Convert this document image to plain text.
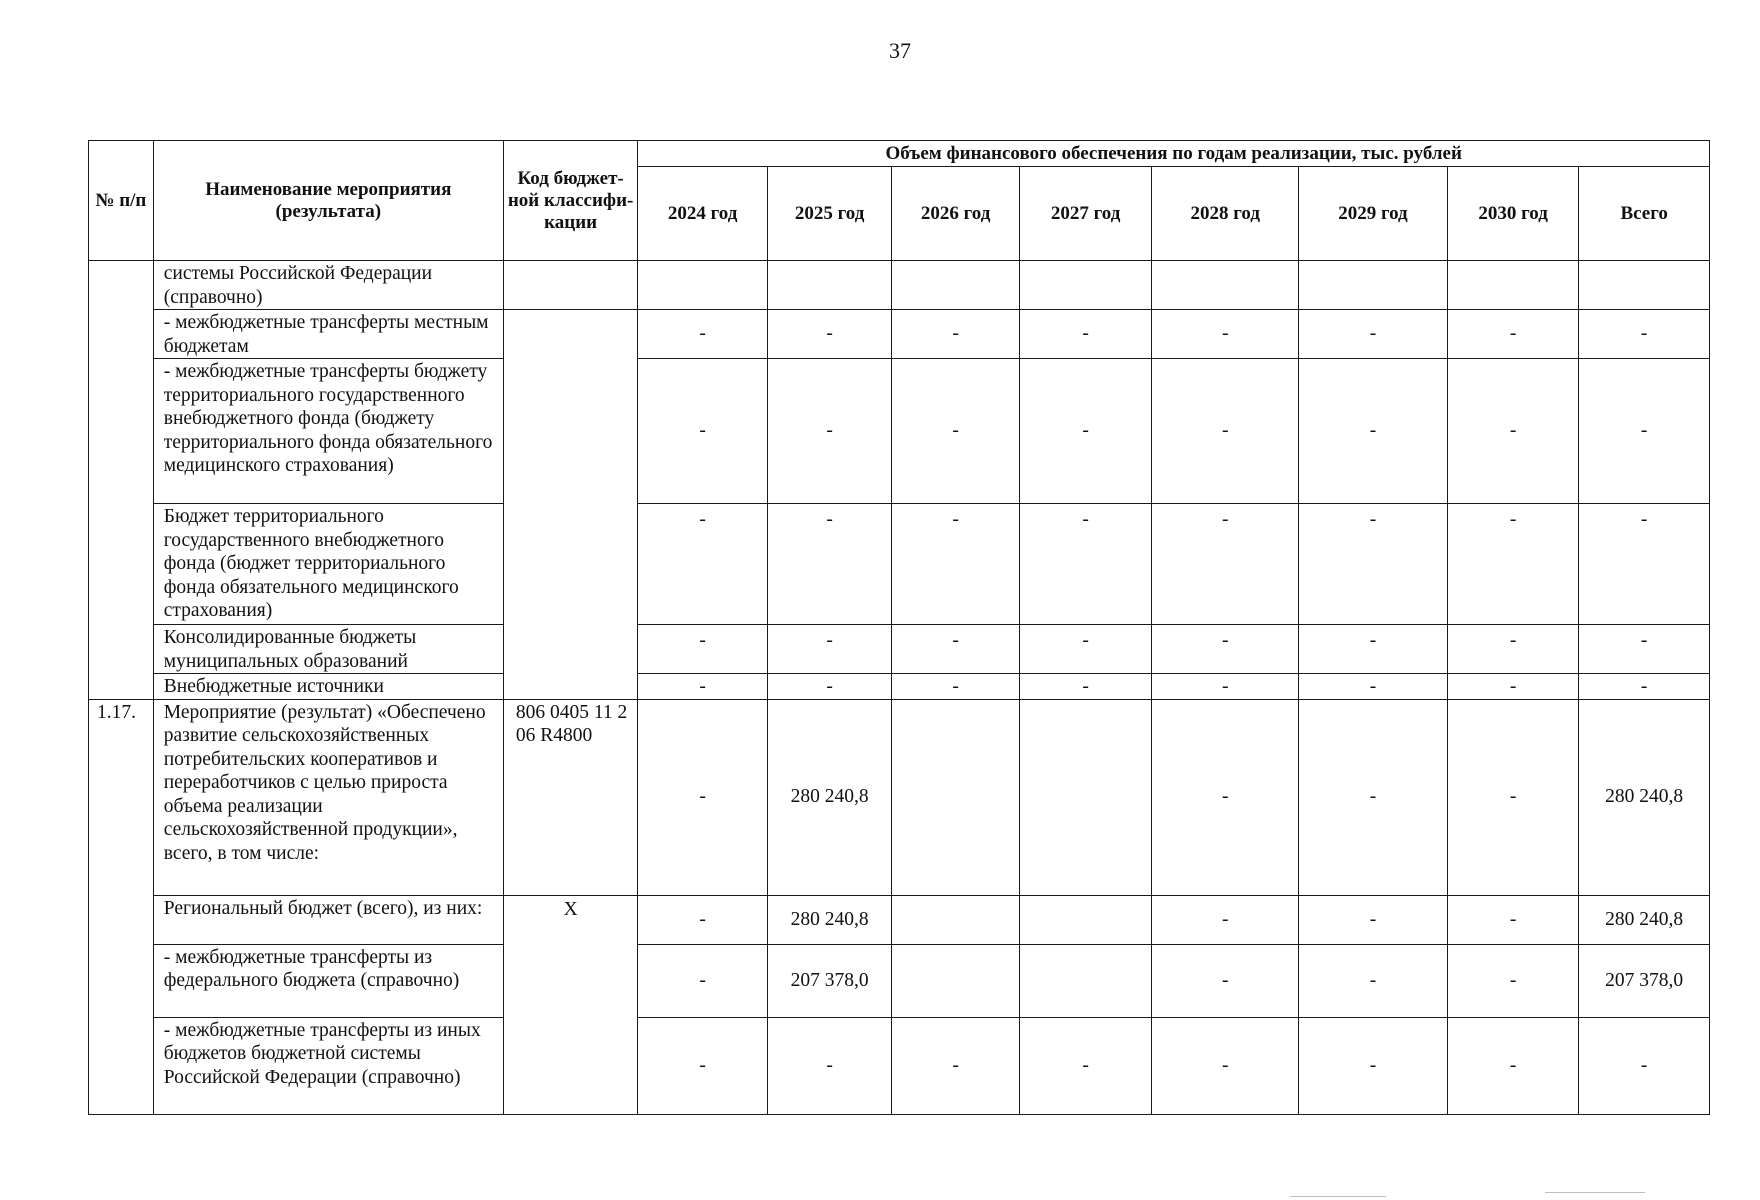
37
№ п/п	Наименование мероприятия (результата)	Код бюджет-ной классифи-кации	Объем финансового обеспечения по годам реализации, тыс. рублей							
			2024 год	2025 год	2026 год	2027 год	2028 год	2029 год	2030 год	Всего
	системы Российской Федерации (справочно)									
	- межбюджетные трансферты местным бюджетам		-	-	-	-	-	-	-	-
	- межбюджетные трансферты бюджету территориального государственного внебюджетного фонда (бюджету территориального фонда обязательного медицинского страхования)		-	-	-	-	-	-	-	-
	Бюджет территориального государственного внебюджетного фонда (бюджет территориального фонда обязательного медицинского страхования)		-	-	-	-	-	-	-	-
	Консолидированные бюджеты муниципальных образований		-	-	-	-	-	-	-	-
	Внебюджетные источники		-	-	-	-	-	-	-	-
1.17.	Мероприятие (результат) «Обеспечено развитие сельскохозяйственных потребительских кооперативов и переработчиков с целью прироста объема реализации сельскохозяйственной продукции», всего, в том числе:	806 0405 11 2 06 R4800	-	280 240,8			-	-	-	280 240,8
	Региональный бюджет (всего), из них:	X	-	280 240,8			-	-	-	280 240,8
	- межбюджетные трансферты из федерального бюджета (справочно)		-	207 378,0			-	-	-	207 378,0
	- межбюджетные трансферты из иных бюджетов бюджетной системы Российской Федерации (справочно)		-	-	-	-	-	-	-	-
